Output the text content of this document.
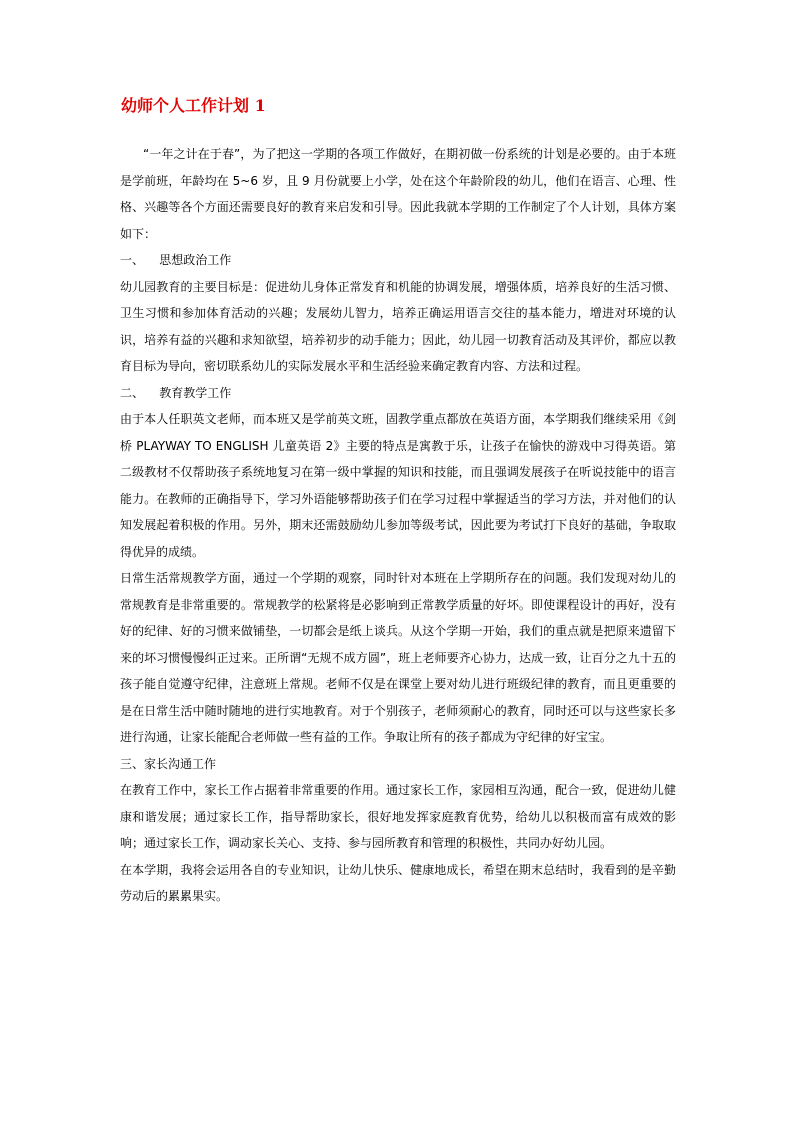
幼师个人工作计划 1

“一年之计在于春”，为了把这一学期的各项工作做好，在期初做一份系统的计划是必要的。由于本班是学前班，年龄均在 5~6 岁，且 9 月份就要上小学，处在这个年龄阶段的幼儿，他们在语言、心理、性格、兴趣等各个方面还需要良好的教育来启发和引导。因此我就本学期的工作制定了个人计划，具体方案如下：

一、    思想政治工作

幼儿园教育的主要目标是：促进幼儿身体正常发育和机能的协调发展，增强体质，培养良好的生活习惯、卫生习惯和参加体育活动的兴趣；发展幼儿智力，培养正确运用语言交往的基本能力，增进对环境的认识，培养有益的兴趣和求知欲望，培养初步的动手能力；因此，幼儿园一切教育活动及其评价，都应以教育目标为导向，密切联系幼儿的实际发展水平和生活经验来确定教育内容、方法和过程。

二、    教育教学工作

由于本人任职英文老师，而本班又是学前英文班，固教学重点都放在英语方面，本学期我们继续采用《剑桥 PLAYWAY TO ENGLISH 儿童英语 2》主要的特点是寓教于乐，让孩子在愉快的游戏中习得英语。第二级教材不仅帮助孩子系统地复习在第一级中掌握的知识和技能，而且强调发展孩子在听说技能中的语言能力。在教师的正确指导下，学习外语能够帮助孩子们在学习过程中掌握适当的学习方法，并对他们的认知发展起着积极的作用。另外，期末还需鼓励幼儿参加等级考试，因此要为考试打下良好的基础，争取取得优异的成绩。

日常生活常规教学方面，通过一个学期的观察，同时针对本班在上学期所存在的问题。我们发现对幼儿的常规教育是非常重要的。常规教学的松紧将是必影响到正常教学质量的好坏。即使课程设计的再好，没有好的纪律、好的习惯来做铺垫，一切都会是纸上谈兵。从这个学期一开始，我们的重点就是把原来遗留下来的坏习惯慢慢纠正过来。正所谓“无规不成方圆”，班上老师要齐心协力，达成一致，让百分之九十五的孩子能自觉遵守纪律，注意班上常规。老师不仅是在课堂上要对幼儿进行班级纪律的教育，而且更重要的是在日常生活中随时随地的进行实地教育。对于个别孩子，老师须耐心的教育，同时还可以与这些家长多进行沟通，让家长能配合老师做一些有益的工作。争取让所有的孩子都成为守纪律的好宝宝。

三、家长沟通工作

在教育工作中，家长工作占据着非常重要的作用。通过家长工作，家园相互沟通，配合一致，促进幼儿健康和谐发展；通过家长工作，指导帮助家长，很好地发挥家庭教育优势，给幼儿以积极而富有成效的影响；通过家长工作，调动家长关心、支持、参与园所教育和管理的积极性，共同办好幼儿园。

在本学期，我将会运用各自的专业知识，让幼儿快乐、健康地成长，希望在期末总结时，我看到的是辛勤劳动后的累累果实。
